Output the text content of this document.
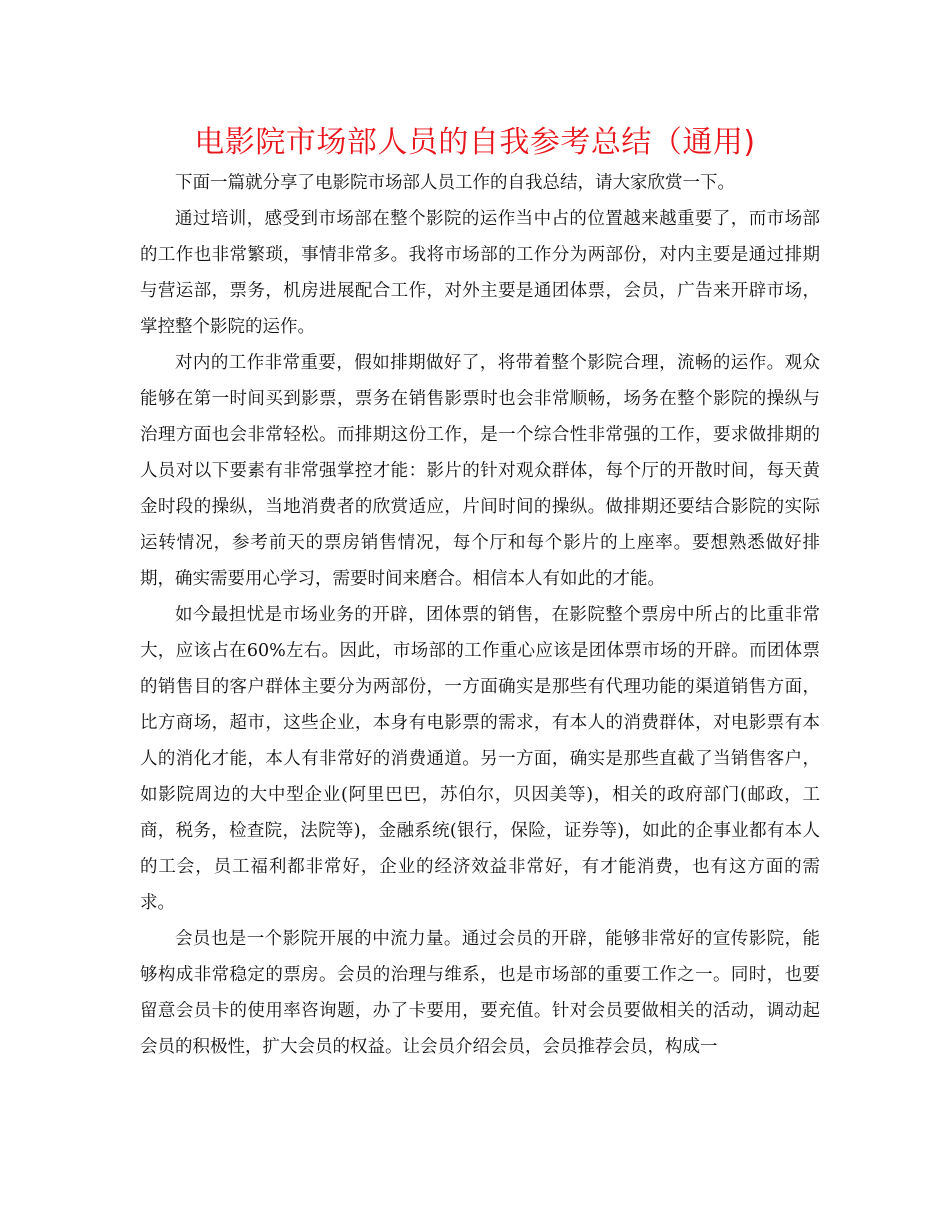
电影院市场部人员的自我参考总结（通用)

下面一篇就分享了电影院市场部人员工作的自我总结，请大家欣赏一下。

通过培训，感受到市场部在整个影院的运作当中占的位置越来越重要了，而市场部的工作也非常繁琐，事情非常多。我将市场部的工作分为两部份，对内主要是通过排期与营运部，票务，机房进展配合工作，对外主要是通团体票，会员，广告来开辟市场，掌控整个影院的运作。

对内的工作非常重要，假如排期做好了，将带着整个影院合理，流畅的运作。观众能够在第一时间买到影票，票务在销售影票时也会非常顺畅，场务在整个影院的操纵与治理方面也会非常轻松。而排期这份工作，是一个综合性非常强的工作，要求做排期的人员对以下要素有非常强掌控才能：影片的针对观众群体，每个厅的开散时间，每天黄金时段的操纵，当地消费者的欣赏适应，片间时间的操纵。做排期还要结合影院的实际运转情况，参考前天的票房销售情况，每个厅和每个影片的上座率。要想熟悉做好排期，确实需要用心学习，需要时间来磨合。相信本人有如此的才能。

如今最担忧是市场业务的开辟，团体票的销售，在影院整个票房中所占的比重非常大，应该占在60%左右。因此，市场部的工作重心应该是团体票市场的开辟。而团体票的销售目的客户群体主要分为两部份，一方面确实是那些有代理功能的渠道销售方面，比方商场，超市，这些企业，本身有电影票的需求，有本人的消费群体，对电影票有本人的消化才能，本人有非常好的消费通道。另一方面，确实是那些直截了当销售客户，如影院周边的大中型企业(阿里巴巴，苏伯尔，贝因美等)，相关的政府部门(邮政，工商，税务，检查院，法院等)，金融系统(银行，保险，证券等)，如此的企事业都有本人的工会，员工福利都非常好，企业的经济效益非常好，有才能消费，也有这方面的需求。

会员也是一个影院开展的中流力量。通过会员的开辟，能够非常好的宣传影院，能够构成非常稳定的票房。会员的治理与维系，也是市场部的重要工作之一。同时，也要留意会员卡的使用率咨询题，办了卡要用，要充值。针对会员要做相关的活动，调动起会员的积极性，扩大会员的权益。让会员介绍会员，会员推荐会员，构成一
